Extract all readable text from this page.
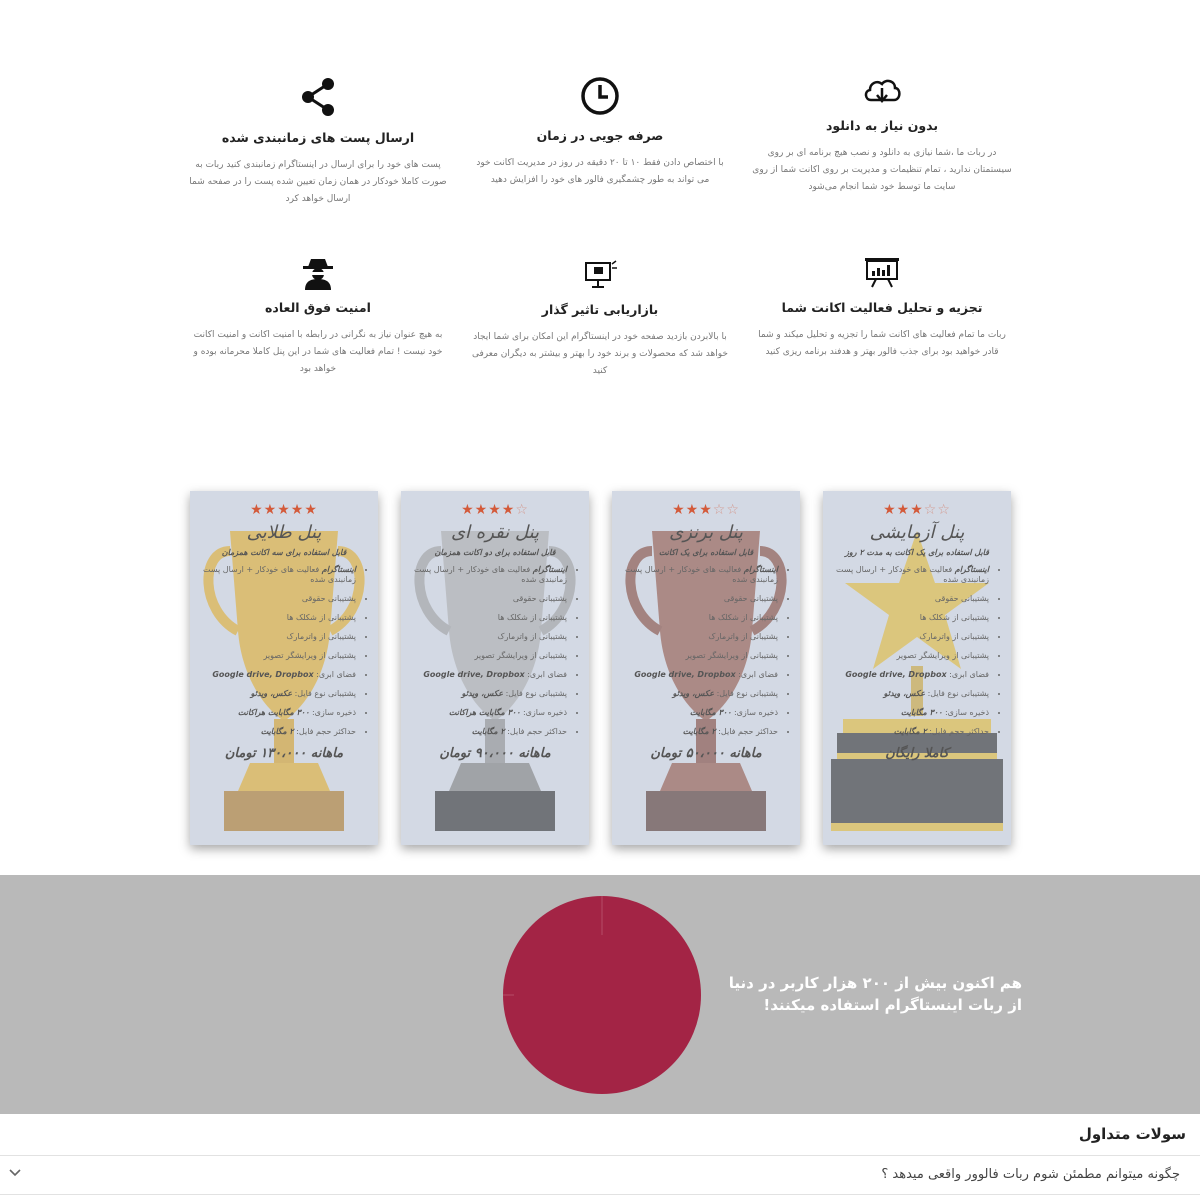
ارسال پست های زمانبندی شده
پست های خود را برای ارسال در اینستاگرام زمانبندی کنید ربات به صورت کاملا خودکار در همان زمان تعیین شده پست را در صفحه شما ارسال خواهد کرد
صرفه جویی در زمان
با اختصاص دادن فقط ۱۰ تا ۲۰ دقیقه در روز در مدیریت اکانت خود می تواند به طور چشمگیری فالور های خود را افزایش دهید
بدون نیاز به دانلود
در ربات ما ،شما نیازی به دانلود و نصب هیچ برنامه ای بر روی سیستمتان ندارید ، تمام تنظیمات و مدیریت بر روی اکانت شما از روی سایت ما توسط خود شما انجام می‌شود
امنیت فوق العاده
به هیچ عنوان نیاز به نگرانی در رابطه با امنیت اکانت و امنیت اکانت خود نیست ! تمام فعالیت های شما در این پنل کاملا محرمانه بوده و خواهد بود
بازاریابی تاثیر گذار
با بالابردن بازدید صفحه خود در اینستاگرام این امکان برای شما ایجاد خواهد شد که محصولات و برند خود را بهتر و بیشتر به دیگران معرفی کنید
تجزیه و تحلیل فعالیت اکانت شما
ربات ما تمام فعالیت های اکانت شما را تجزیه و تحلیل میکند و شما قادر خواهید بود برای جذب فالور بهتر و هدفند برنامه ریزی کنید
★★★★★
پنل طلایی
قابل استفاده برای سه اکانت همزمان
• اینستاگرام فعالیت های خودکار + ارسال پست زمانبندی شده
• پشتیبانی حقوقی
• پشتیبانی از شکلک ها
• پشتیبانی از واترمارک
• پشتیبانی از ویرایشگر تصویر
• فضای ابری: Google drive, Dropbox
• پشتیبانی نوع فایل: عکس، ویدئو
• ذخیره سازی: ۳۰۰ مگابایت هراکانت
• حداکثر حجم فایل: ۲ مگابایت
ماهانه ۱۳۰،۰۰۰ تومان
☆★★★★
پنل نقره ای
قابل استفاده برای دو اکانت همزمان
• اینستاگرام فعالیت های خودکار + ارسال پست زمانبندی شده
• پشتیبانی حقوقی
• پشتیبانی از شکلک ها
• پشتیبانی از واترمارک
• پشتیبانی از ویرایشگر تصویر
• فضای ابری: Google drive, Dropbox
• پشتیبانی نوع فایل: عکس، ویدئو
• ذخیره سازی: ۳۰۰ مگابایت هراکانت
• حداکثر حجم فایل: ۲ مگابایت
ماهانه ۹۰،۰۰۰ تومان
☆☆★★★
پنل برنزی
قابل استفاده برای یک اکانت
• اینستاگرام فعالیت های خودکار + ارسال پست زمانبندی شده
• پشتیبانی حقوقی
• پشتیبانی از شکلک ها
• پشتیبانی از واترمارک
• پشتیبانی از ویرایشگر تصویر
• فضای ابری: Google drive, Dropbox
• پشتیبانی نوع فایل: عکس، ویدئو
• ذخیره سازی: ۳۰۰ مگابایت
• حداکثر حجم فایل: ۲ مگابایت
ماهانه ۵۰،۰۰۰ تومان
☆☆★★★
پنل آزمایشی
قابل استفاده برای یک اکانت به مدت ۲ روز
• اینستاگرام فعالیت های خودکار + ارسال پست زمانبندی شده
• پشتیبانی حقوقی
• پشتیبانی از شکلک ها
• پشتیبانی از واترمارک
• پشتیبانی از ویرایشگر تصویر
• فضای ابری: Google drive, Dropbox
• پشتیبانی نوع فایل: عکس، ویدئو
• ذخیره سازی: ۳۰۰ مگابایت
• حداکثر حجم فایل: ۲ مگابایت
کاملا رایگان
هم اکنون بیش از ۲۰۰ هزار کاربر در دنیا
از ربات اینستاگرام استفاده میکنند!
سولات متداول
چگونه میتوانم مطمئن شوم ربات فالوور واقعی میدهد ؟
